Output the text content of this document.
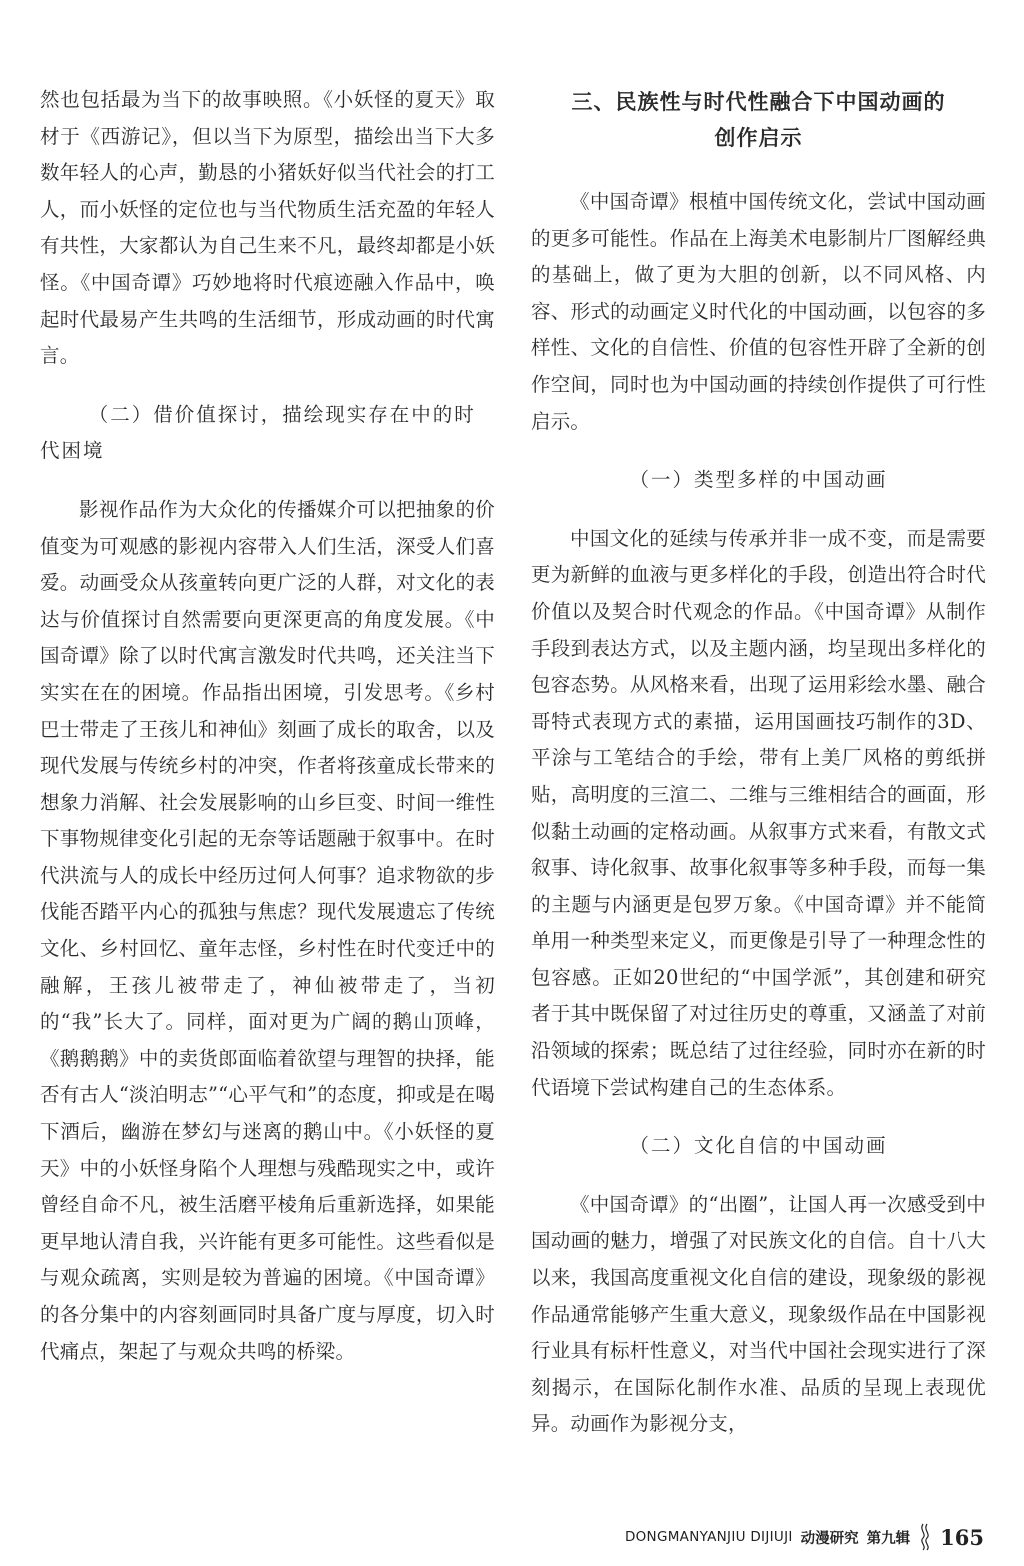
然也包括最为当下的故事映照。《小妖怪的夏天》取材于《西游记》，但以当下为原型，描绘出当下大多数年轻人的心声，勤恳的小猪妖好似当代社会的打工人，而小妖怪的定位也与当代物质生活充盈的年轻人有共性，大家都认为自己生来不凡，最终却都是小妖怪。《中国奇谭》巧妙地将时代痕迹融入作品中，唤起时代最易产生共鸣的生活细节，形成动画的时代寓言。

（二）借价值探讨，描绘现实存在中的时代困境

影视作品作为大众化的传播媒介可以把抽象的价值变为可观感的影视内容带入人们生活，深受人们喜爱。动画受众从孩童转向更广泛的人群，对文化的表达与价值探讨自然需要向更深更高的角度发展。《中国奇谭》除了以时代寓言激发时代共鸣，还关注当下实实在在的困境。作品指出困境，引发思考。《乡村巴士带走了王孩儿和神仙》刻画了成长的取舍，以及现代发展与传统乡村的冲突，作者将孩童成长带来的想象力消解、社会发展影响的山乡巨变、时间一维性下事物规律变化引起的无奈等话题融于叙事中。在时代洪流与人的成长中经历过何人何事？追求物欲的步伐能否踏平内心的孤独与焦虑？现代发展遗忘了传统文化、乡村回忆、童年志怪，乡村性在时代变迁中的融解，王孩儿被带走了，神仙被带走了，当初的“我”长大了。同样，面对更为广阔的鹅山顶峰，《鹅鹅鹅》中的卖货郎面临着欲望与理智的抉择，能否有古人“淡泊明志”“心平气和”的态度，抑或是在喝下酒后，幽游在梦幻与迷离的鹅山中。《小妖怪的夏天》中的小妖怪身陷个人理想与残酷现实之中，或许曾经自命不凡，被生活磨平棱角后重新选择，如果能更早地认清自我，兴许能有更多可能性。这些看似是与观众疏离，实则是较为普遍的困境。《中国奇谭》的各分集中的内容刻画同时具备广度与厚度，切入时代痛点，架起了与观众共鸣的桥梁。

三、民族性与时代性融合下中国动画的

创作启示

《中国奇谭》根植中国传统文化，尝试中国动画的更多可能性。作品在上海美术电影制片厂图解经典的基础上，做了更为大胆的创新，以不同风格、内容、形式的动画定义时代化的中国动画，以包容的多样性、文化的自信性、价值的包容性开辟了全新的创作空间，同时也为中国动画的持续创作提供了可行性启示。

（一）类型多样的中国动画

中国文化的延续与传承并非一成不变，而是需要更为新鲜的血液与更多样化的手段，创造出符合时代价值以及契合时代观念的作品。《中国奇谭》从制作手段到表达方式，以及主题内涵，均呈现出多样化的包容态势。从风格来看，出现了运用彩绘水墨、融合哥特式表现方式的素描，运用国画技巧制作的3D、平涂与工笔结合的手绘，带有上美厂风格的剪纸拼贴，高明度的三渲二、二维与三维相结合的画面，形似黏土动画的定格动画。从叙事方式来看，有散文式叙事、诗化叙事、故事化叙事等多种手段，而每一集的主题与内涵更是包罗万象。《中国奇谭》并不能简单用一种类型来定义，而更像是引导了一种理念性的包容感。正如20世纪的“中国学派”，其创建和研究者于其中既保留了对过往历史的尊重，又涵盖了对前沿领域的探索；既总结了过往经验，同时亦在新的时代语境下尝试构建自己的生态体系。

（二）文化自信的中国动画

《中国奇谭》的“出圈”，让国人再一次感受到中国动画的魅力，增强了对民族文化的自信。自十八大以来，我国高度重视文化自信的建设，现象级的影视作品通常能够产生重大意义，现象级作品在中国影视行业具有标杆性意义，对当代中国社会现实进行了深刻揭示，在国际化制作水准、品质的呈现上表现优异。动画作为影视分支，

DONGMANYANJIU DIJIUJI 动漫研究 第九辑 165
